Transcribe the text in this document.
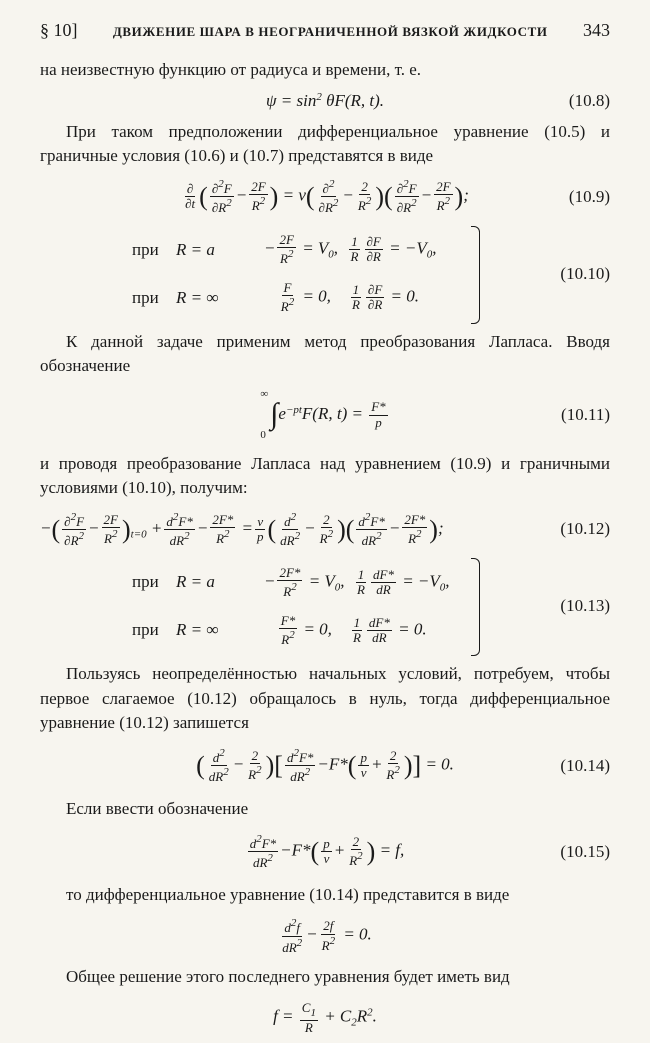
§ 10]	ДВИЖЕНИЕ ШАРА В НЕОГРАНИЧЕННОЙ ВЯЗКОЙ ЖИДКОСТИ 343

на неизвестную функцию от радиуса и времени, т. е.

$\psi = \sin^2 \theta F(R$, t).	(10.8)

При таком предположении дифференциальное уравнение (10.5) и граничные условия (10.6) и (10.7) представятся в виде

$\frac{\partial}{\partial t}$ ( $\frac{\partial^2F}{\partial R^2} - \frac{2F}{R^2}$ ) = $\nu( \frac{\partial^2}{\partial R^2} - \frac{2}{R^2}$ )( $\frac{\partial^2F}{\partial R^2} - \frac{2F}{R^2}$ );	(10.9)
при	R = a	− $\frac{2F}{R^2} = V_0$, $\frac{1}{R} \frac{\partial F}{\partial R} = -V_0$,
при	R = ∞
	$\frac{F}{R^2} = 0$, $\frac{1}{R} \frac{\partial F}{\partial R} = 0$.
(10.10)

К данной задаче применим метод преобразования Лапласа. Вводя обозначение

∞
0
$\int e^{-pt}F(R$, $t) = \frac{F*}{p}$	(10.11)

и проводя преобразование Лапласа над уравнением (10.9) и граничными условиями (10.10), получим:

−( $\frac{\partial^2F}{\partial R^2} - \frac{2F}{R^2} )_{t=0} + \frac{d^2F*}{dR^2} - \frac{2F*}{R^2} = \frac{\nu}{p}$ ( $\frac{d^2}{dR^2} - \frac{2}{R^2}$ )( $\frac{d^2F*}{dR^2} - \frac{2F*}{R^2}$ );	(10.12)
при	R = a	− $\frac{2F*}{R^2} = V_0$, $\frac{1}{R} \frac{dF*}{dR} = -V_0$,
при	R = ∞
	$\frac{F*}{R^2} = 0$, $\frac{1}{R} \frac{dF*}{dR} = 0$.
(10.13)

Пользуясь неопределённостью начальных условий, потребуем, чтобы первое слагаемое (10.12) обращалось в нуль, тогда дифференциальное уравнение (10.12) запишется

( $\frac{d^2}{dR^2} - \frac{2}{R^2}$ )[ $\frac{d^2F*}{dR^2} -F*( \frac{p}{\nu} + \frac{2}{R^2}$ )] = 0.	(10.14)

Если ввести обозначение

$\frac{d^2F*}{dR^2} -F*( \frac{p}{\nu} + \frac{2}{R^2}$ ) = f,	(10.15)

то дифференциальное уравнение (10.14) представится в виде

$\frac{d^2f}{dR^2} - \frac{2f}{R^2} = 0$.

Общее решение этого последнего уравнения будет иметь вид

$f = \frac{C_1}{R} + C_2R^2$.
